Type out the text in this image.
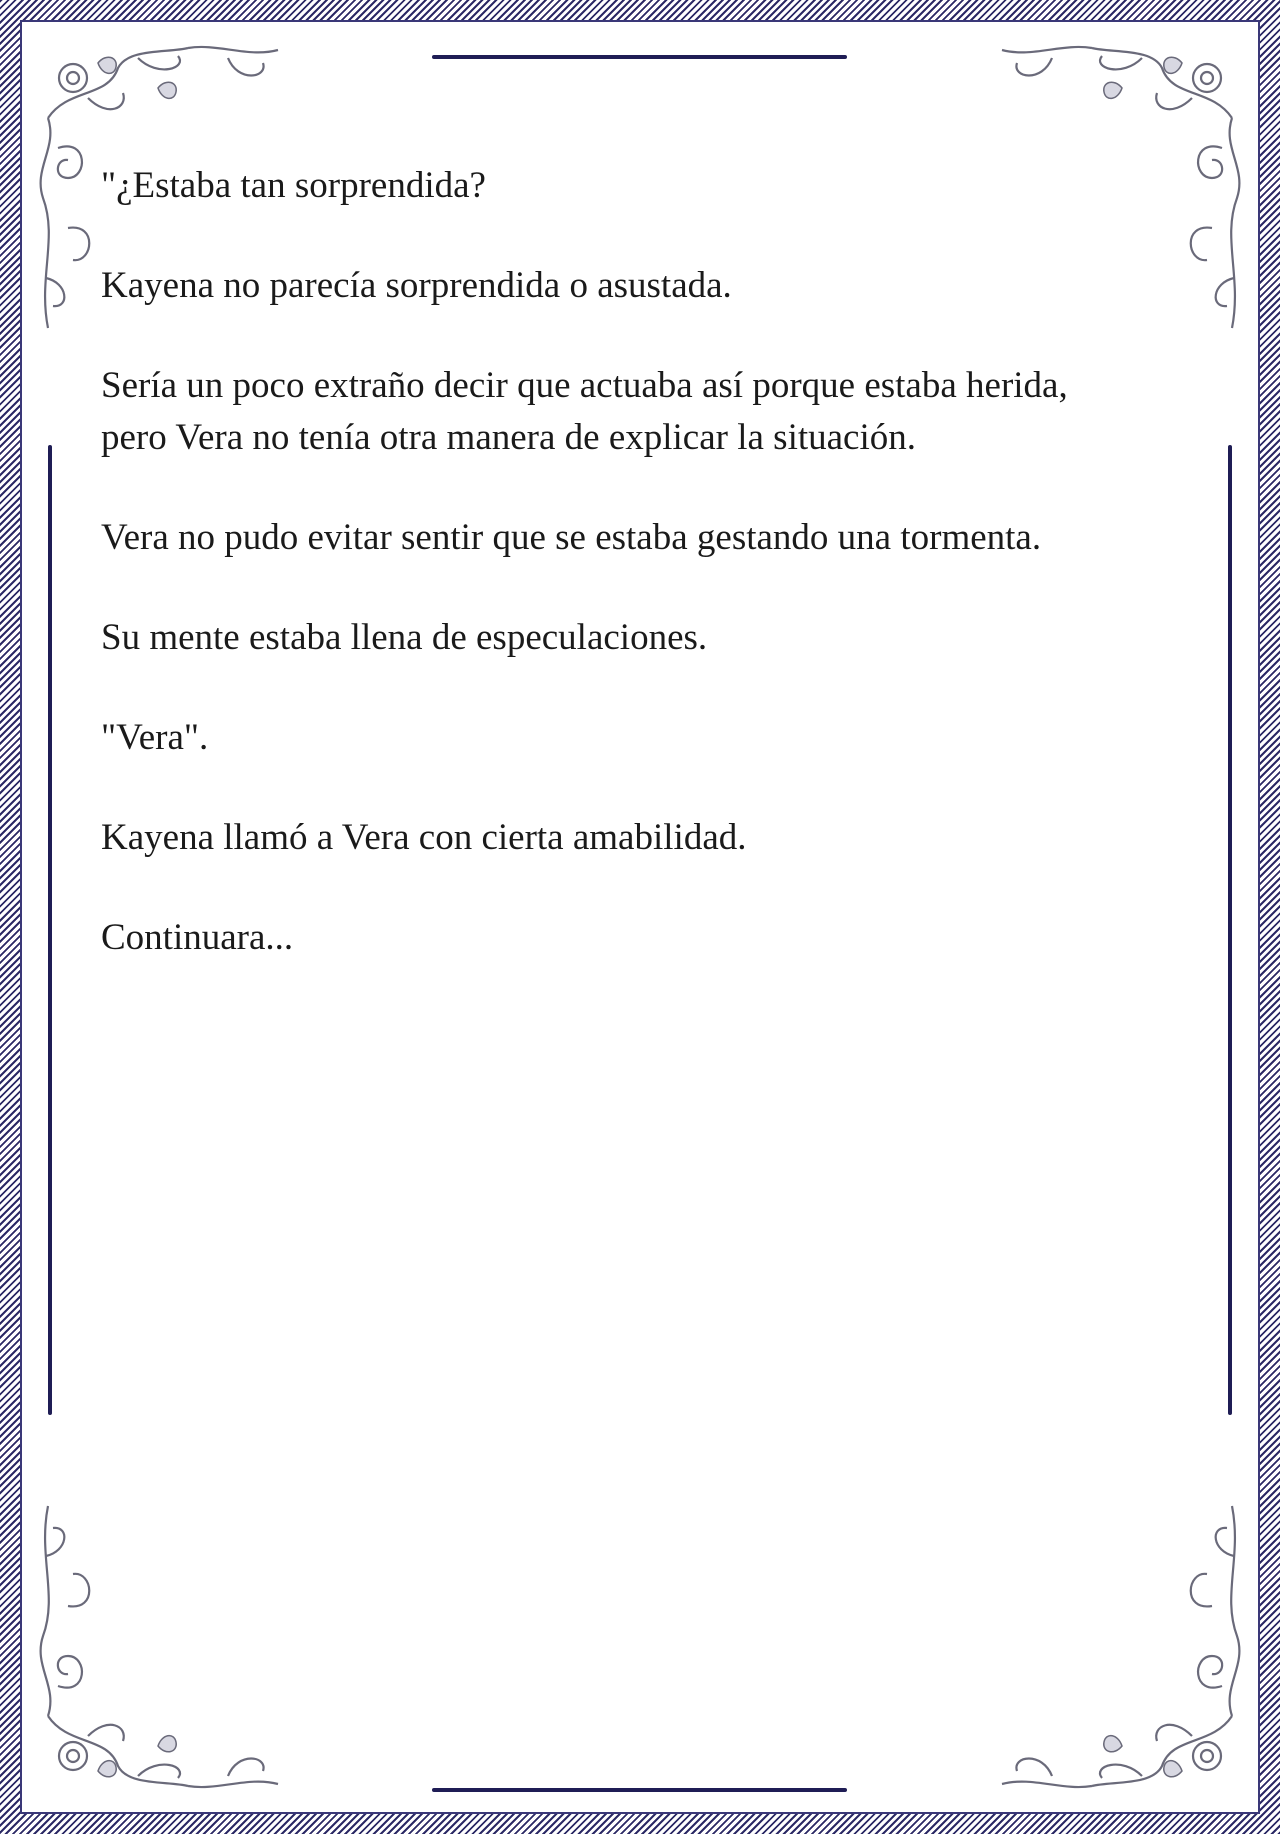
"¿Estaba tan sorprendida?

Kayena no parecía sorprendida o asustada.

Sería un poco extraño decir que actuaba así porque estaba herida, pero Vera no tenía otra manera de explicar la situación.

Vera no pudo evitar sentir que se estaba gestando una tormenta.

Su mente estaba llena de especulaciones.

"Vera".

Kayena llamó a Vera con cierta amabilidad.

Continuara...
